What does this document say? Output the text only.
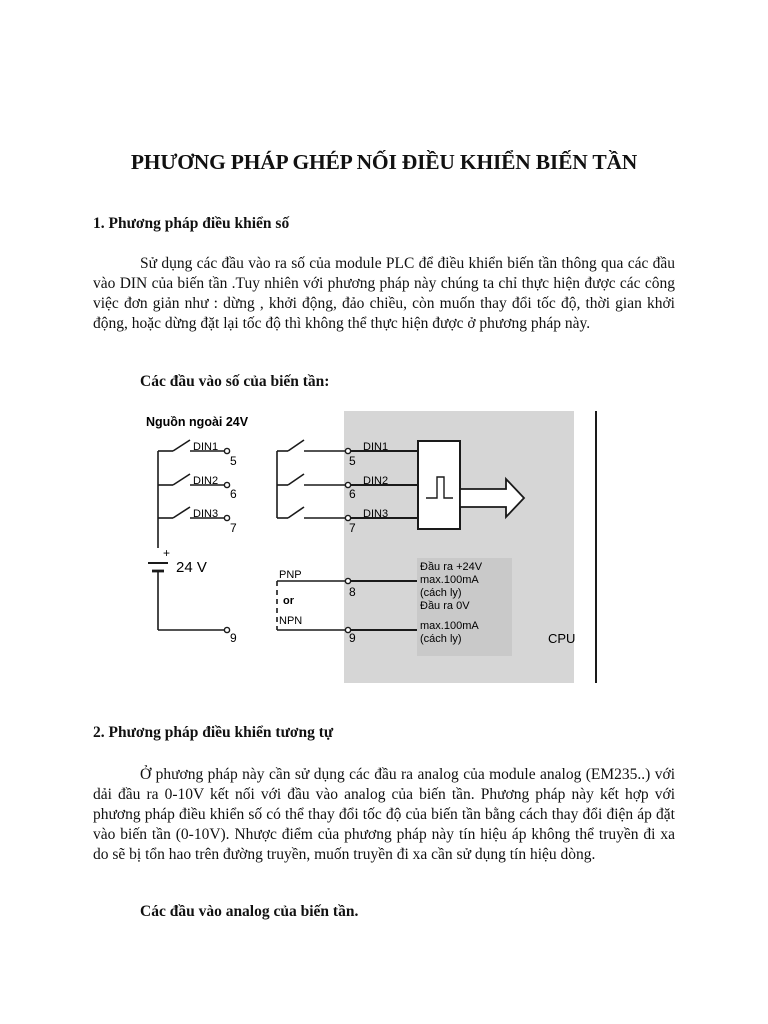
PHƯƠNG PHÁP GHÉP NỐI ĐIỀU KHIỂN BIẾN TẦN
1. Phương pháp điều khiển số

Sử dụng các đầu vào ra số của module PLC để điều khiển biến tần thông qua các đầu vào DIN của biến tần .Tuy nhiên với phương pháp này chúng ta chỉ thực hiện được các công việc đơn giản như : dừng , khởi động, đảo chiều, còn muốn thay đổi tốc độ, thời gian khởi động, hoặc dừng đặt lại tốc độ thì không thể thực hiện được ở phương pháp này.

Các đầu vào số của biến tần:
Nguồn ngoài 24V
DIN1
DIN2
DIN3
5
6
7
9
+
24 V
DIN1
DIN2
DIN3
5
6
7
8
9
PNP
or
NPN
Đầu ra +24V
max.100mA
(cách ly)
Đầu ra 0V
max.100mA
(cách ly)	CPU
2. Phương pháp điều khiển tương tự

Ở phương pháp này cần sử dụng các đầu ra analog của module analog (EM235..) với dải đầu ra 0-10V kết nối với đầu vào analog của biến tần. Phương pháp này kết hợp với phương pháp điều khiển số có thể thay đổi tốc độ của biến tần bằng cách thay đổi điện áp đặt vào biến tần (0-10V). Nhược điểm của phương pháp này tín hiệu áp không thể truyền đi xa do sẽ bị tổn hao trên đường truyền, muốn truyền đi xa cần sử dụng tín hiệu dòng.

Các đầu vào analog của biến tần.
